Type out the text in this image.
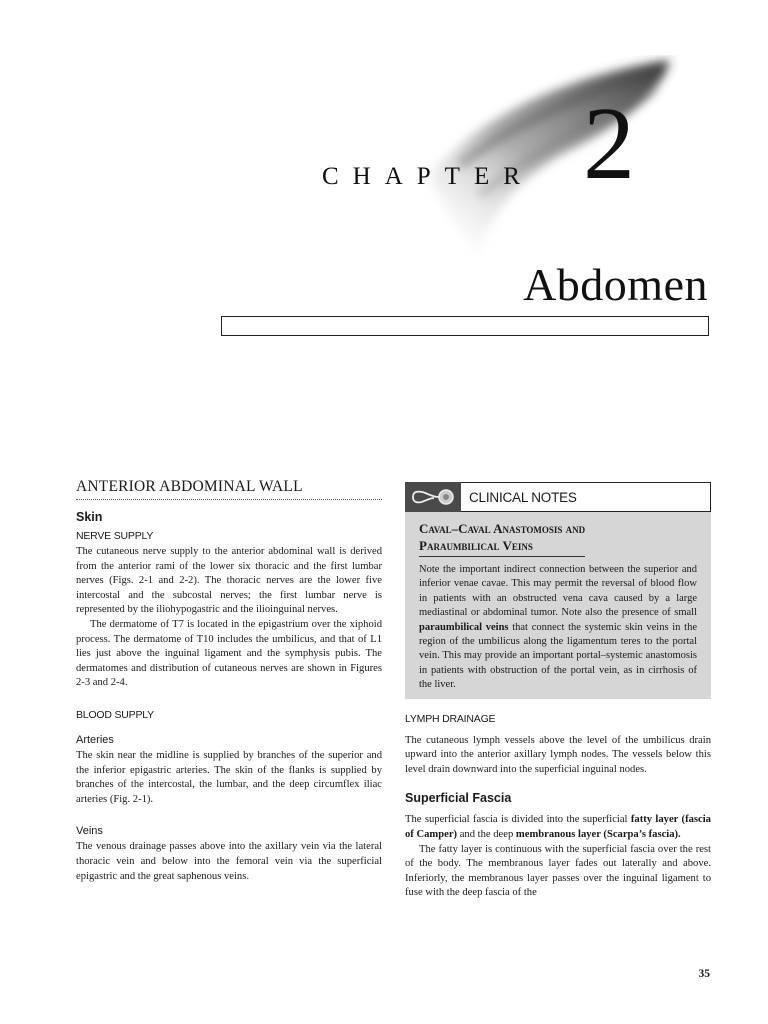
CHAPTER 2
Abdomen
ANTERIOR ABDOMINAL WALL
Skin
NERVE SUPPLY

The cutaneous nerve supply to the anterior abdominal wall is derived from the anterior rami of the lower six thoracic and the first lumbar nerves (Figs. 2-1 and 2-2). The thoracic nerves are the lower five intercostal and the subcostal nerves; the first lumbar nerve is represented by the iliohypogastric and the ilioinguinal nerves.

The dermatome of T7 is located in the epigastrium over the xiphoid process. The dermatome of T10 includes the umbilicus, and that of L1 lies just above the inguinal ligament and the symphysis pubis. The dermatomes and distribution of cutaneous nerves are shown in Figures 2-3 and 2-4.

BLOOD SUPPLY
Arteries

The skin near the midline is supplied by branches of the superior and the inferior epigastric arteries. The skin of the flanks is supplied by branches of the intercostal, the lumbar, and the deep circumflex iliac arteries (Fig. 2-1).

Veins

The venous drainage passes above into the axillary vein via the lateral thoracic vein and below into the femoral vein via the superficial epigastric and the great saphenous veins.

CLINICAL NOTES
Caval–Caval Anastomosis and
Paraumbilical Veins

Note the important indirect connection between the superior and inferior venae cavae. This may permit the reversal of blood flow in patients with an obstructed vena cava caused by a large mediastinal or abdominal tumor. Note also the presence of small paraumbilical veins that connect the systemic skin veins in the region of the umbilicus along the ligamentum teres to the portal vein. This may provide an important portal–systemic anastomosis in patients with obstruction of the portal vein, as in cirrhosis of the liver.

LYMPH DRAINAGE

The cutaneous lymph vessels above the level of the umbilicus drain upward into the anterior axillary lymph nodes. The vessels below this level drain downward into the superficial inguinal nodes.

Superficial Fascia

The superficial fascia is divided into the superficial fatty layer (fascia of Camper) and the deep membranous layer (Scarpa’s fascia).

The fatty layer is continuous with the superficial fascia over the rest of the body. The membranous layer fades out laterally and above. Inferiorly, the membranous layer passes over the inguinal ligament to fuse with the deep fascia of the

35
